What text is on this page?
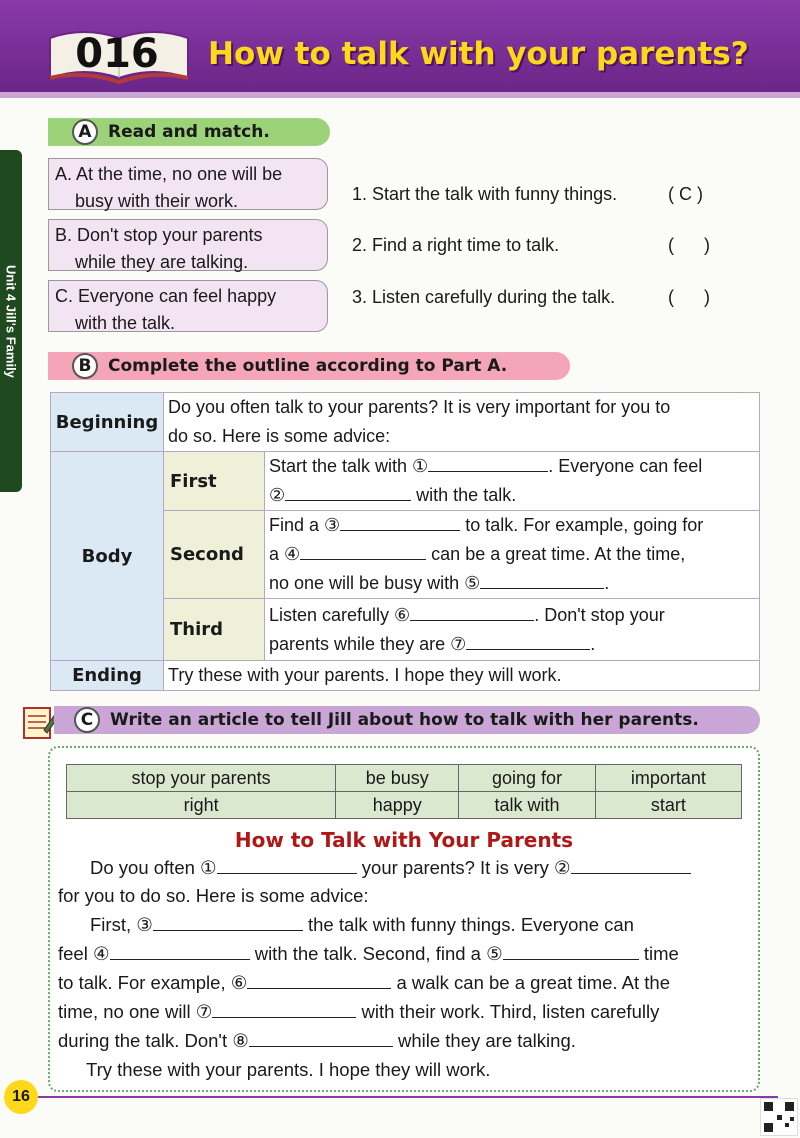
016	How to talk with your parents?
Unit 4 Jill's Family
A Read and match.
A. At the time, no one will be
busy with their work.
B. Don't stop your parents
while they are talking.
C. Everyone can feel happy
with the talk.
1. Start the talk with funny things.	( C )
2. Find a right time to talk.	(      )
3. Listen carefully during the talk.	(      )
B Complete the outline according to Part A.
Beginning	Do you often talk to your parents? It is very important for you to
do so. Here is some advice:	

Body	First	Start the talk with ① . Everyone can feel
② with the talk.

	Second	Find a ③ to talk. For example, going for
a ④ can be a great time. At the time,
no one will be busy with ⑤ .

	Third	Listen carefully ⑥ . Don't stop your
parents while they are ⑦ .

Ending	Try these with your parents. I hope they will work.	
C Write an article to tell Jill about how to talk with her parents.
stop your parents	be busy	going for	important
right	happy	talk with	start
How to Talk with Your Parents
Do you often ①	your parents? It is very ②
for you to do so. Here is some advice:
First, ③	the talk with funny things. Everyone can
feel ④	with the talk. Second, find a ⑤	time
to talk. For example, ⑥	a walk can be a great time. At the
time, no one will ⑦	with their work. Third, listen carefully
during the talk. Don't ⑧	while they are talking.
Try these with your parents. I hope they will work.
16
